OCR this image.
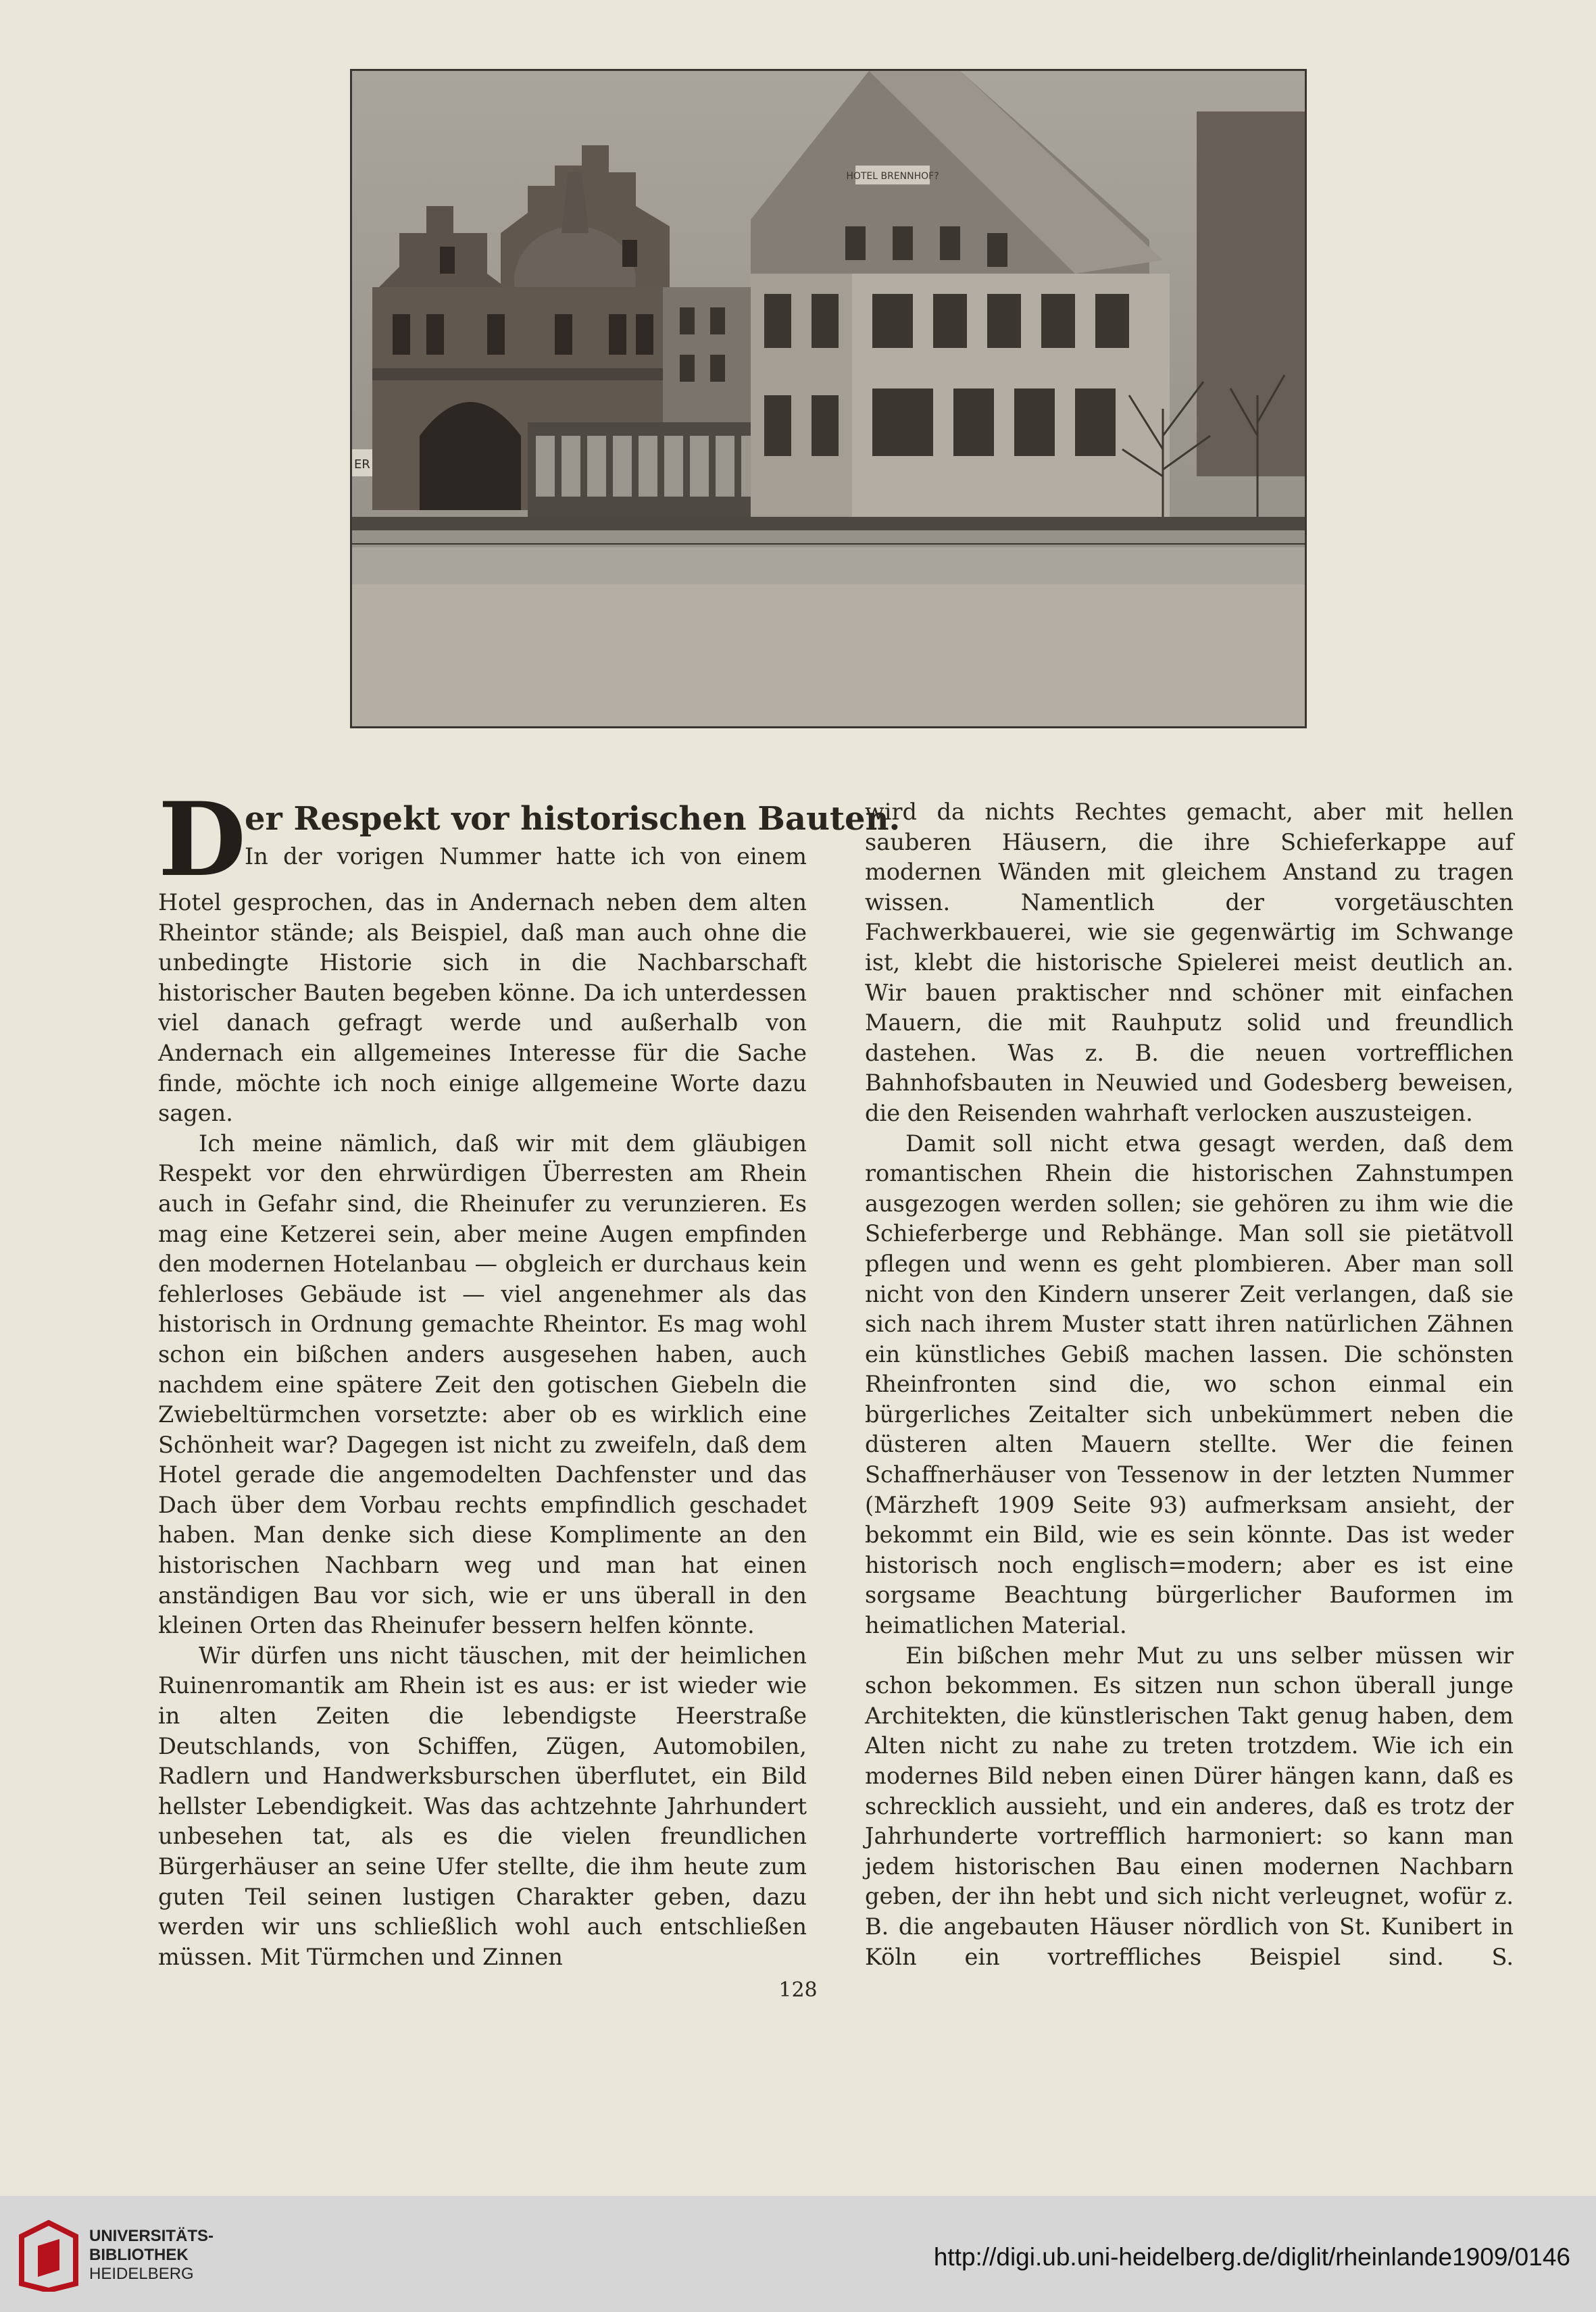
HOTEL BRENNHOF?
ER
D
er Respekt vor historischen Bauten.
In der vorigen Nummer hatte ich von einem

Hotel gesprochen, das in Andernach neben dem alten Rheintor stände; als Beispiel, daß man auch ohne die unbedingte Historie sich in die Nachbarschaft historischer Bauten begeben könne. Da ich unterdessen viel danach gefragt werde und außerhalb von Andernach ein allgemeines Interesse für die Sache finde, möchte ich noch einige allgemeine Worte dazu sagen.

Ich meine nämlich, daß wir mit dem gläubigen Respekt vor den ehrwürdigen Überresten am Rhein auch in Gefahr sind, die Rheinufer zu verunzieren. Es mag eine Ketzerei sein, aber meine Augen empfinden den modernen Hotelanbau — obgleich er durchaus kein fehlerloses Gebäude ist — viel angenehmer als das historisch in Ordnung gemachte Rheintor. Es mag wohl schon ein bißchen anders ausgesehen haben, auch nachdem eine spätere Zeit den gotischen Giebeln die Zwiebeltürmchen vorsetzte: aber ob es wirklich eine Schönheit war? Dagegen ist nicht zu zweifeln, daß dem Hotel gerade die angemodelten Dachfenster und das Dach über dem Vorbau rechts empfindlich geschadet haben. Man denke sich diese Komplimente an den historischen Nachbarn weg und man hat einen anständigen Bau vor sich, wie er uns überall in den kleinen Orten das Rheinufer bessern helfen könnte.

Wir dürfen uns nicht täuschen, mit der heimlichen Ruinenromantik am Rhein ist es aus: er ist wieder wie in alten Zeiten die lebendigste Heerstraße Deutschlands, von Schiffen, Zügen, Automobilen, Radlern und Handwerksburschen überflutet, ein Bild hellster Lebendigkeit. Was das achtzehnte Jahrhundert unbesehen tat, als es die vielen freundlichen Bürgerhäuser an seine Ufer stellte, die ihm heute zum guten Teil seinen lustigen Charakter geben, dazu werden wir uns schließlich wohl auch entschließen müssen. Mit Türmchen und Zinnen

wird da nichts Rechtes gemacht, aber mit hellen sauberen Häusern, die ihre Schieferkappe auf modernen Wänden mit gleichem Anstand zu tragen wissen. Namentlich der vorgetäuschten Fachwerkbauerei, wie sie gegenwärtig im Schwange ist, klebt die historische Spielerei meist deutlich an. Wir bauen praktischer nnd schöner mit einfachen Mauern, die mit Rauhputz solid und freundlich dastehen. Was z. B. die neuen vortrefflichen Bahnhofsbauten in Neuwied und Godesberg beweisen, die den Reisenden wahrhaft verlocken auszusteigen.

Damit soll nicht etwa gesagt werden, daß dem romantischen Rhein die historischen Zahnstumpen ausgezogen werden sollen; sie gehören zu ihm wie die Schieferberge und Rebhänge. Man soll sie pietätvoll pflegen und wenn es geht plombieren. Aber man soll nicht von den Kindern unserer Zeit verlangen, daß sie sich nach ihrem Muster statt ihren natürlichen Zähnen ein künstliches Gebiß machen lassen. Die schönsten Rheinfronten sind die, wo schon einmal ein bürgerliches Zeitalter sich unbekümmert neben die düsteren alten Mauern stellte. Wer die feinen Schaffnerhäuser von Tessenow in der letzten Nummer (Märzheft 1909 Seite 93) aufmerksam ansieht, der bekommt ein Bild, wie es sein könnte. Das ist weder historisch noch englisch=modern; aber es ist eine sorgsame Beachtung bürgerlicher Bauformen im heimatlichen Material.

Ein bißchen mehr Mut zu uns selber müssen wir schon bekommen. Es sitzen nun schon überall junge Architekten, die künstlerischen Takt genug haben, dem Alten nicht zu nahe zu treten trotzdem. Wie ich ein modernes Bild neben einen Dürer hängen kann, daß es schrecklich aussieht, und ein anderes, daß es trotz der Jahrhunderte vortrefflich harmoniert: so kann man jedem historischen Bau einen modernen Nachbarn geben, der ihn hebt und sich nicht verleugnet, wofür z. B. die angebauten Häuser nördlich von St. Kunibert in Köln ein vortreffliches Beispiel sind. S.

128
UNIVERSITÄTS-
BIBLIOTHEK
HEIDELBERG
http://digi.ub.uni-heidelberg.de/diglit/rheinlande1909/0146
